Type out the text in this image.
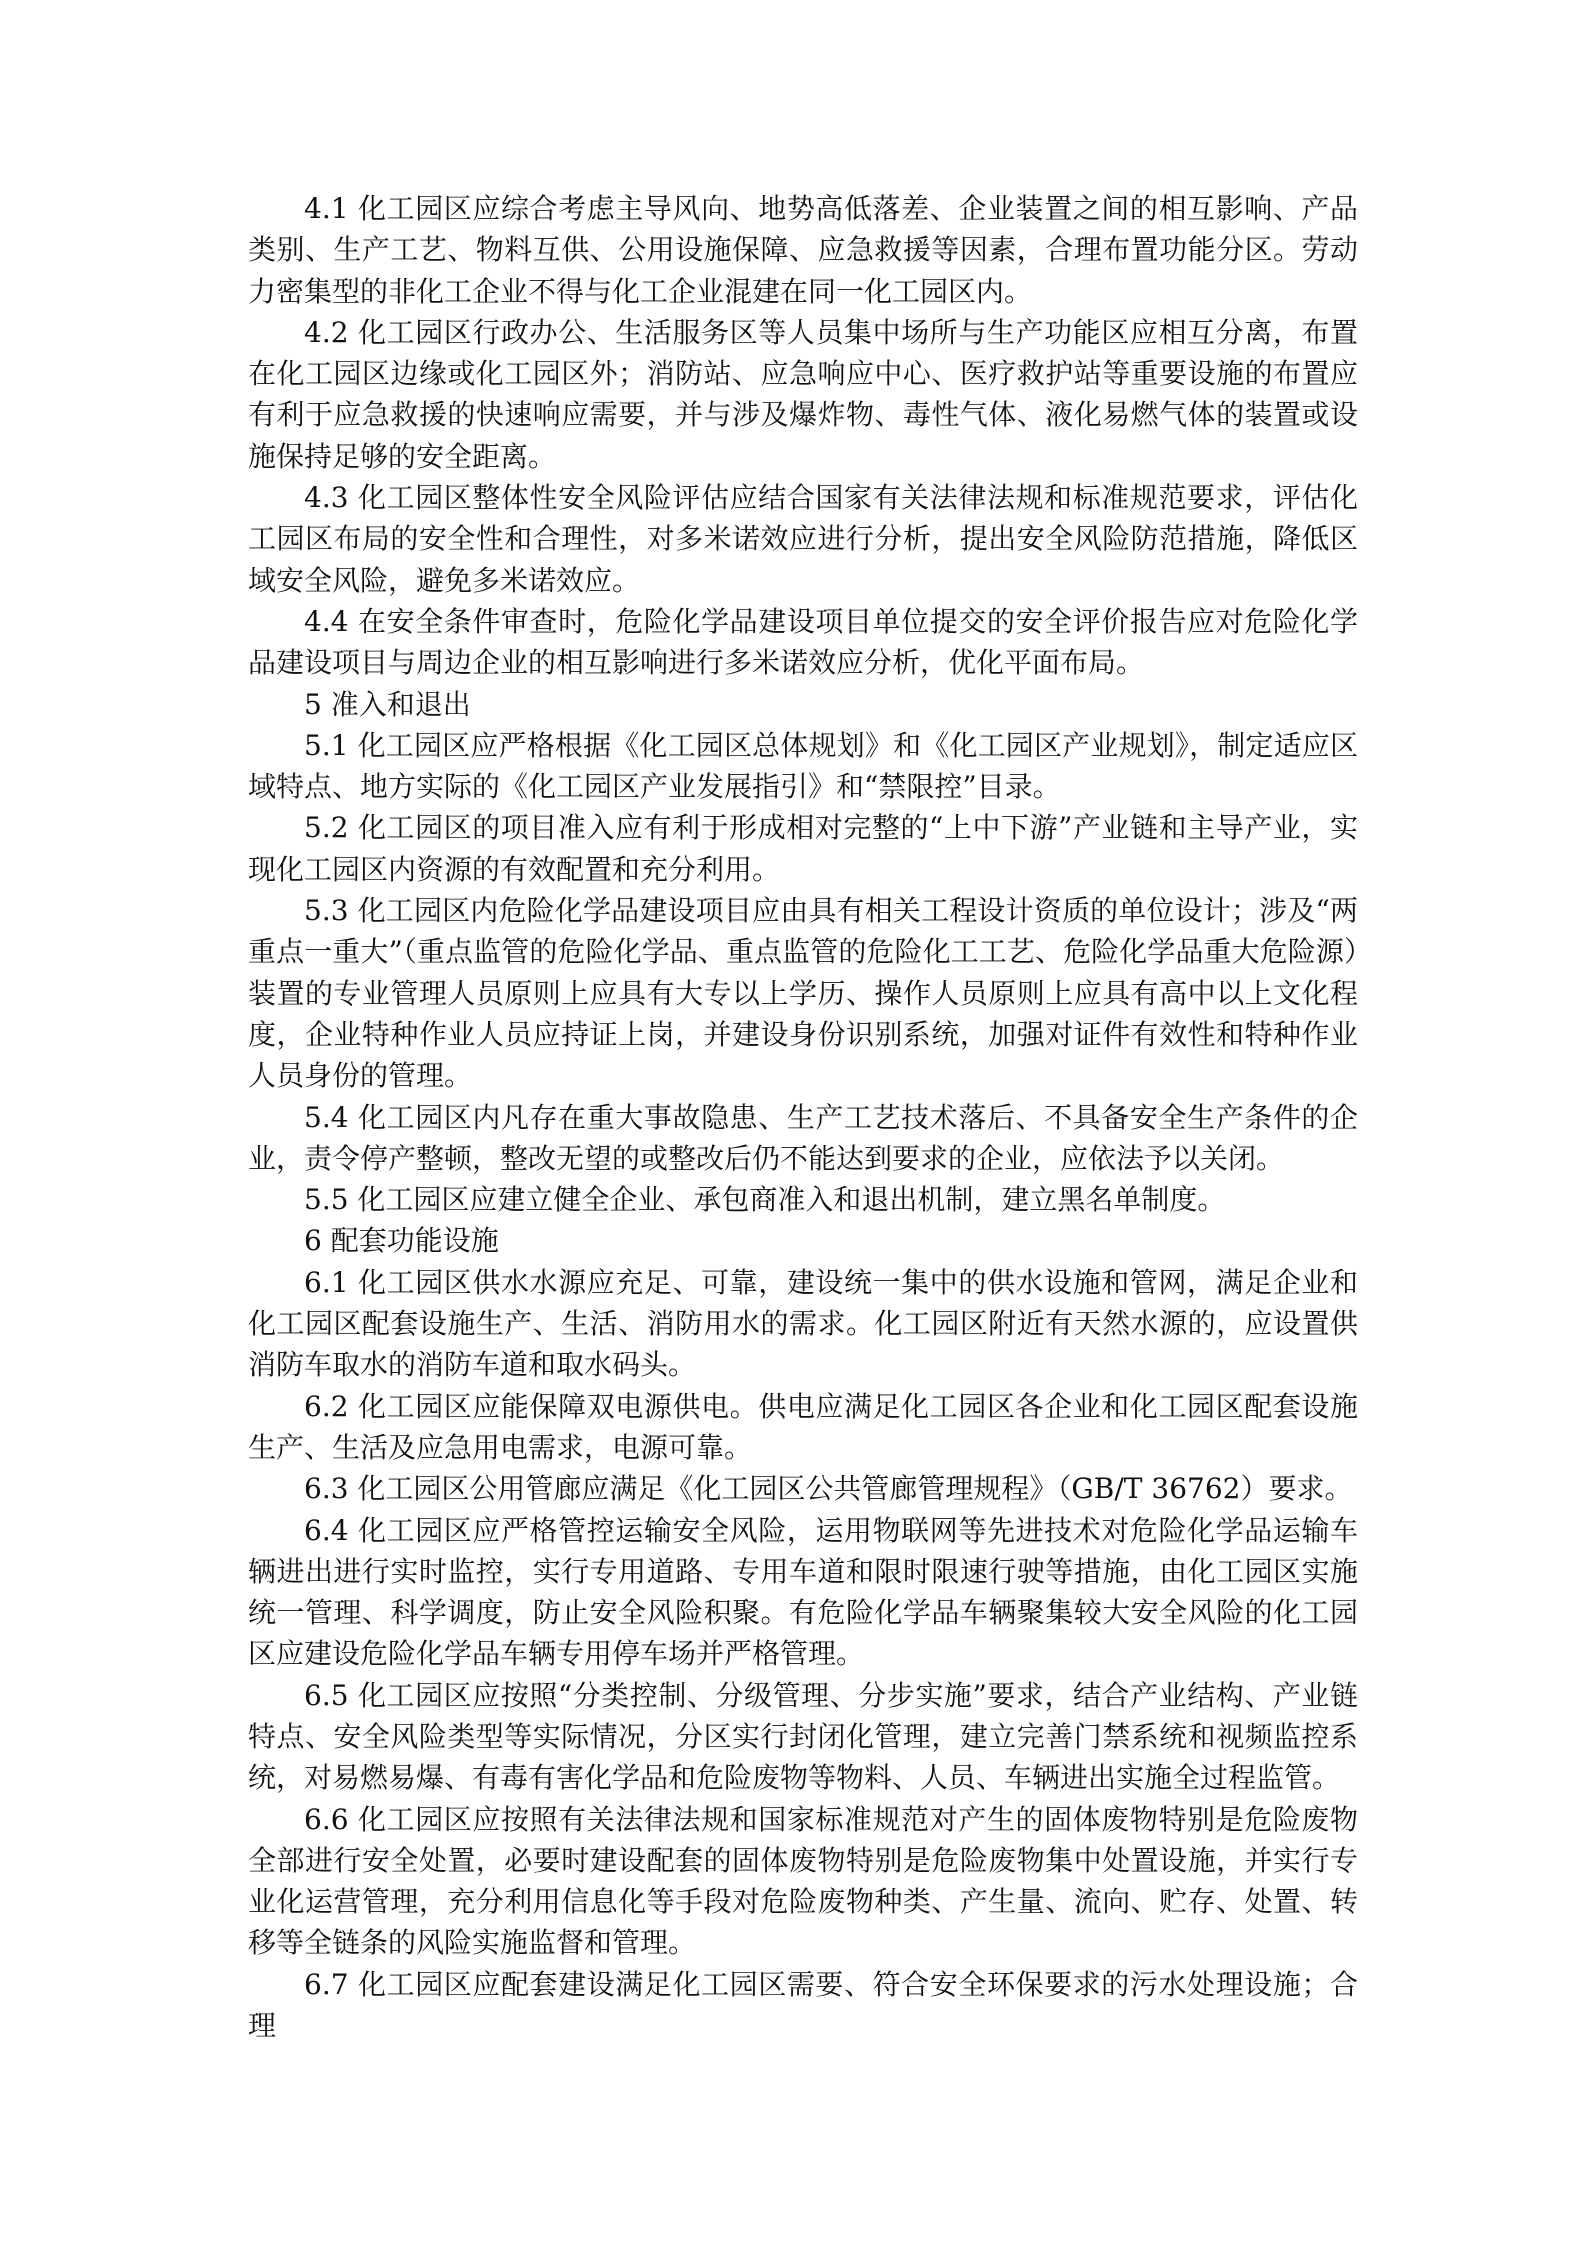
4.1 化工园区应综合考虑主导风向、地势高低落差、企业装置之间的相互影响、产品类别、生产工艺、物料互供、公用设施保障、应急救援等因素，合理布置功能分区。劳动力密集型的非化工企业不得与化工企业混建在同一化工园区内。

4.2 化工园区行政办公、生活服务区等人员集中场所与生产功能区应相互分离，布置在化工园区边缘或化工园区外；消防站、应急响应中心、医疗救护站等重要设施的布置应有利于应急救援的快速响应需要，并与涉及爆炸物、毒性气体、液化易燃气体的装置或设施保持足够的安全距离。

4.3 化工园区整体性安全风险评估应结合国家有关法律法规和标准规范要求，评估化工园区布局的安全性和合理性，对多米诺效应进行分析，提出安全风险防范措施，降低区域安全风险，避免多米诺效应。

4.4 在安全条件审查时，危险化学品建设项目单位提交的安全评价报告应对危险化学品建设项目与周边企业的相互影响进行多米诺效应分析，优化平面布局。

5 准入和退出

5.1 化工园区应严格根据《化工园区总体规划》和《化工园区产业规划》，制定适应区域特点、地方实际的《化工园区产业发展指引》和“禁限控”目录。

5.2 化工园区的项目准入应有利于形成相对完整的“上中下游”产业链和主导产业，实现化工园区内资源的有效配置和充分利用。

5.3 化工园区内危险化学品建设项目应由具有相关工程设计资质的单位设计；涉及“两重点一重大”（重点监管的危险化学品、重点监管的危险化工工艺、危险化学品重大危险源）装置的专业管理人员原则上应具有大专以上学历、操作人员原则上应具有高中以上文化程度，企业特种作业人员应持证上岗，并建设身份识别系统，加强对证件有效性和特种作业人员身份的管理。

5.4 化工园区内凡存在重大事故隐患、生产工艺技术落后、不具备安全生产条件的企业，责令停产整顿，整改无望的或整改后仍不能达到要求的企业，应依法予以关闭。

5.5 化工园区应建立健全企业、承包商准入和退出机制，建立黑名单制度。

6 配套功能设施

6.1 化工园区供水水源应充足、可靠，建设统一集中的供水设施和管网，满足企业和化工园区配套设施生产、生活、消防用水的需求。化工园区附近有天然水源的，应设置供消防车取水的消防车道和取水码头。

6.2 化工园区应能保障双电源供电。供电应满足化工园区各企业和化工园区配套设施生产、生活及应急用电需求，电源可靠。

6.3 化工园区公用管廊应满足《化工园区公共管廊管理规程》（GB/T 36762）要求。

6.4 化工园区应严格管控运输安全风险，运用物联网等先进技术对危险化学品运输车辆进出进行实时监控，实行专用道路、专用车道和限时限速行驶等措施，由化工园区实施统一管理、科学调度，防止安全风险积聚。有危险化学品车辆聚集较大安全风险的化工园区应建设危险化学品车辆专用停车场并严格管理。

6.5 化工园区应按照“分类控制、分级管理、分步实施”要求，结合产业结构、产业链特点、安全风险类型等实际情况，分区实行封闭化管理，建立完善门禁系统和视频监控系统，对易燃易爆、有毒有害化学品和危险废物等物料、人员、车辆进出实施全过程监管。

6.6 化工园区应按照有关法律法规和国家标准规范对产生的固体废物特别是危险废物全部进行安全处置，必要时建设配套的固体废物特别是危险废物集中处置设施，并实行专业化运营管理，充分利用信息化等手段对危险废物种类、产生量、流向、贮存、处置、转移等全链条的风险实施监督和管理。

6.7 化工园区应配套建设满足化工园区需要、符合安全环保要求的污水处理设施；合理
